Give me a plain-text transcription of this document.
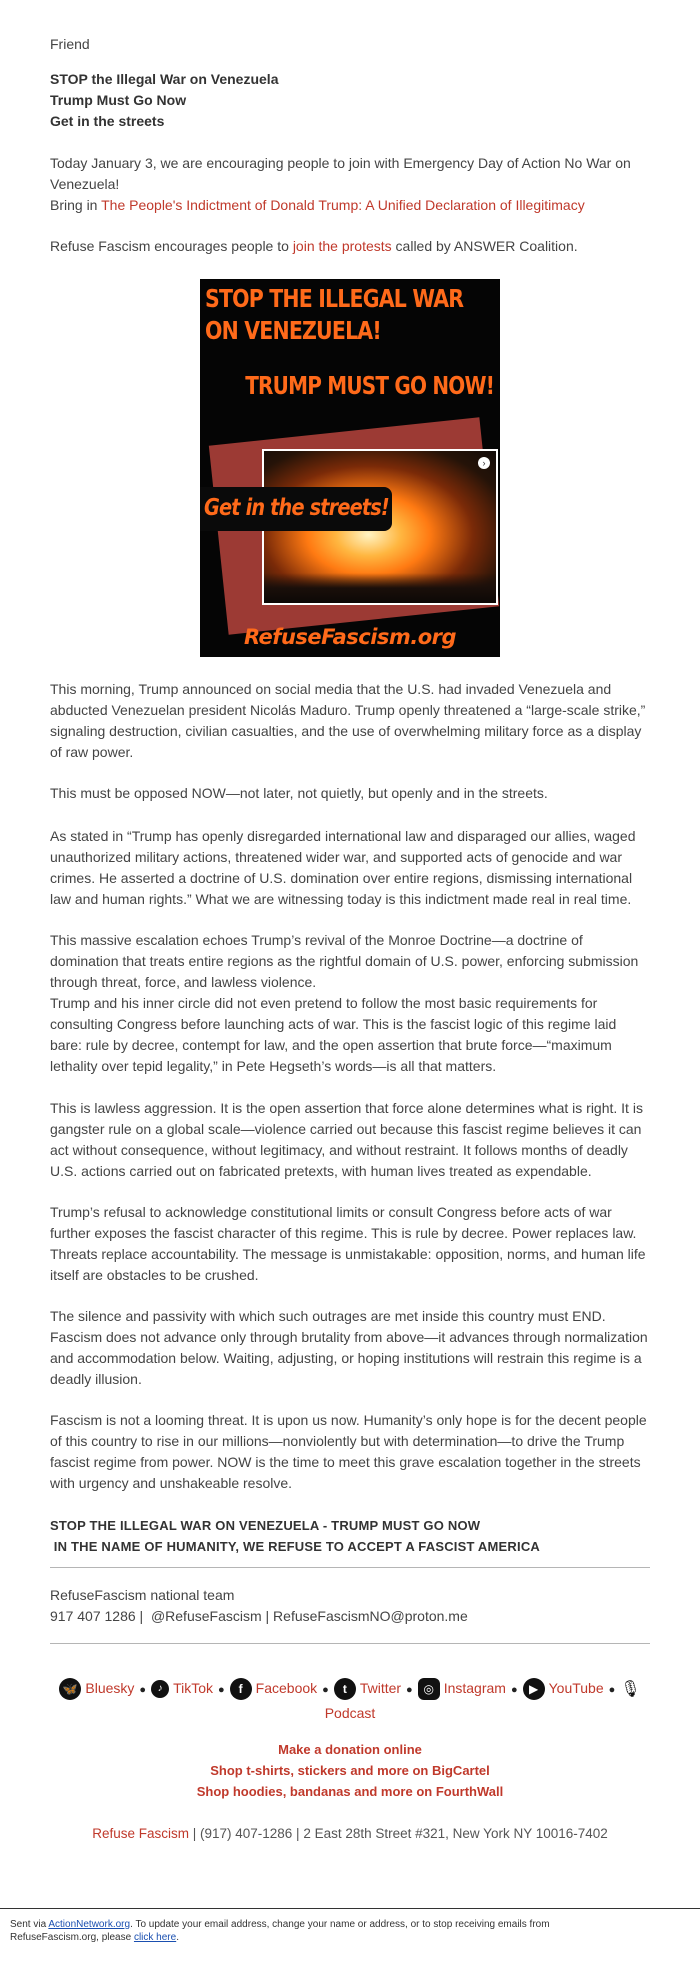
Friend

STOP the Illegal War on Venezuela

Trump Must Go Now

Get in the streets

Today January 3, we are encouraging people to join with Emergency Day of Action No War on Venezuela!
Bring in The People's Indictment of Donald Trump: A Unified Declaration of Illegitimacy

Refuse Fascism encourages people to join the protests called by ANSWER Coalition.

›
STOP THE ILLEGAL WAR
ON VENEZUELA!
TRUMP MUST GO NOW!
Get in the streets!
RefuseFascism.org

This morning, Trump announced on social media that the U.S. had invaded Venezuela and abducted Venezuelan president Nicolás Maduro. Trump openly threatened a “large-scale strike,” signaling destruction, civilian casualties, and the use of overwhelming military force as a display of raw power.

This must be opposed NOW—not later, not quietly, but openly and in the streets.

As stated in “Trump has openly disregarded international law and disparaged our allies, waged unauthorized military actions, threatened wider war, and supported acts of genocide and war crimes. He asserted a doctrine of U.S. domination over entire regions, dismissing international law and human rights.” What we are witnessing today is this indictment made real in real time.

This massive escalation echoes Trump’s revival of the Monroe Doctrine—a doctrine of domination that treats entire regions as the rightful domain of U.S. power, enforcing submission through threat, force, and lawless violence.

Trump and his inner circle did not even pretend to follow the most basic requirements for consulting Congress before launching acts of war. This is the fascist logic of this regime laid bare: rule by decree, contempt for law, and the open assertion that brute force—“maximum lethality over tepid legality,” in Pete Hegseth’s words—is all that matters.

This is lawless aggression. It is the open assertion that force alone determines what is right. It is gangster rule on a global scale—violence carried out because this fascist regime believes it can act without consequence, without legitimacy, and without restraint. It follows months of deadly U.S. actions carried out on fabricated pretexts, with human lives treated as expendable.

Trump’s refusal to acknowledge constitutional limits or consult Congress before acts of war further exposes the fascist character of this regime. This is rule by decree. Power replaces law. Threats replace accountability. The message is unmistakable: opposition, norms, and human life itself are obstacles to be crushed.

The silence and passivity with which such outrages are met inside this country must END. Fascism does not advance only through brutality from above—it advances through normalization and accommodation below. Waiting, adjusting, or hoping institutions will restrain this regime is a deadly illusion.

Fascism is not a looming threat. It is upon us now. Humanity’s only hope is for the decent people of this country to rise in our millions—nonviolently but with determination—to drive the Trump fascist regime from power. NOW is the time to meet this grave escalation together in the streets with urgency and unshakeable resolve.

STOP THE ILLEGAL WAR ON VENEZUELA - TRUMP MUST GO NOW
IN THE NAME OF HUMANITY, WE REFUSE TO ACCEPT A FASCIST AMERICA

RefuseFascism national team

917 407 1286 |  @RefuseFascism | RefuseFascismNO@proton.me

🦋 Bluesky ● ♪ TikTok ● f Facebook ● t Twitter ● ◎ Instagram ● ▶ YouTube ● 🎙
Podcast
Make a donation online
Shop t-shirts, stickers and more on BigCartel
Shop hoodies, bandanas and more on FourthWall
Refuse Fascism | (917) 407-1286 | 2 East 28th Street #321, New York NY 10016-7402
Sent via ActionNetwork.org. To update your email address, change your name or address, or to stop receiving emails from RefuseFascism.org, please click here.
